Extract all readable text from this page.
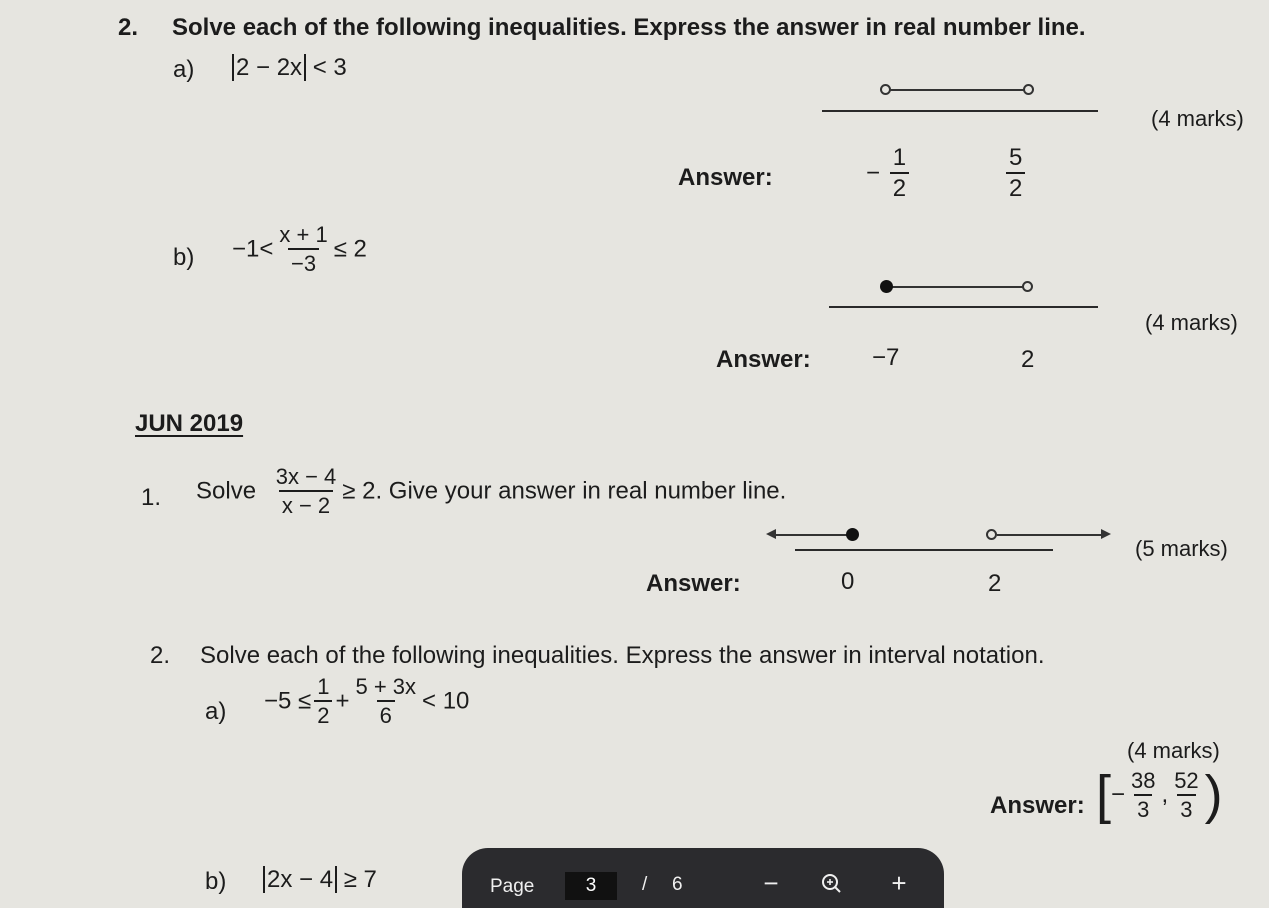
2. Solve each of the following inequalities. Express the answer in real number line.
a) 2 − 2x < 3
(4 marks)
Answer:	− $\frac{1}{2}$	$\frac{5}{2}$
$b) -1< \frac{x + 1}{-3} \le 2$
(4 marks)
Answer:	−7	2
JUN 2019
1. Solve $\frac{3x - 4}{x - 2} \ge 2$. Give your answer in real number line.
(5 marks)
Answer:	0	2
2. Solve each of the following inequalities. Express the answer in interval notation.
$a) -5 \le \frac{1}{2} + \frac{5 + 3x}{6} < 10$
(4 marks)
Answer: [− $\frac{38}{3}$ , $\frac{52}{3}$ )
b) 2x − 4 ≥ 7	Page	3	/ 6	−	+
